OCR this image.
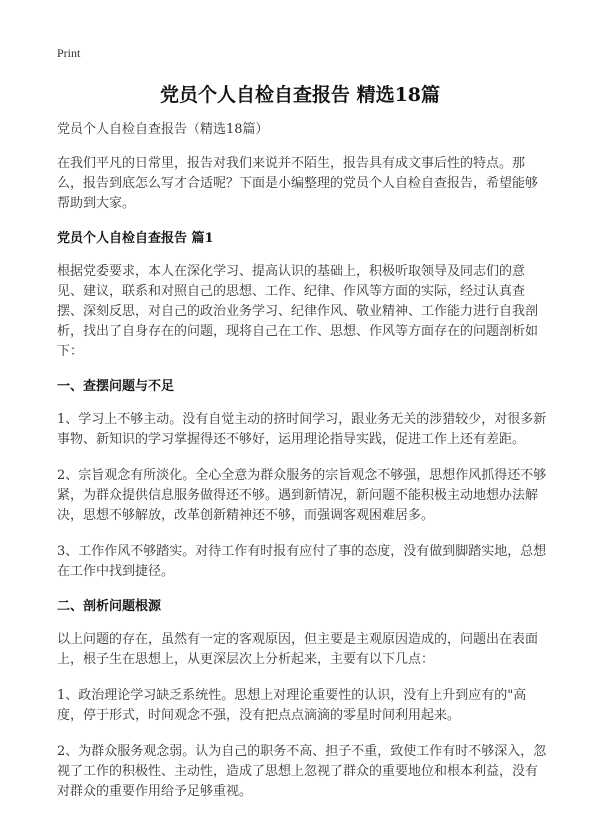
Print
党员个人自检自查报告 精选18篇

党员个人自检自查报告（精选18篇）

在我们平凡的日常里，报告对我们来说并不陌生，报告具有成文事后性的特点。那么，报告到底怎么写才合适呢？下面是小编整理的党员个人自检自查报告，希望能够帮助到大家。

党员个人自检自查报告 篇1

根据党委要求，本人在深化学习、提高认识的基础上，积极听取领导及同志们的意见、建议，联系和对照自己的思想、工作、纪律、作风等方面的实际，经过认真查摆、深刻反思，对自己的政治业务学习、纪律作风、敬业精神、工作能力进行自我剖析，找出了自身存在的问题，现将自己在工作、思想、作风等方面存在的问题剖析如下：

一、查摆问题与不足

1、学习上不够主动。没有自觉主动的挤时间学习，跟业务无关的涉猎较少，对很多新事物、新知识的学习掌握得还不够好，运用理论指导实践，促进工作上还有差距。

2、宗旨观念有所淡化。全心全意为群众服务的宗旨观念不够强，思想作风抓得还不够紧，为群众提供信息服务做得还不够。遇到新情况，新问题不能积极主动地想办法解决，思想不够解放，改革创新精神还不够，而强调客观困难居多。

3、工作作风不够踏实。对待工作有时报有应付了事的态度，没有做到脚踏实地，总想在工作中找到捷径。

二、剖析问题根源

以上问题的存在，虽然有一定的客观原因，但主要是主观原因造成的，问题出在表面上，根子生在思想上，从更深层次上分析起来，主要有以下几点：

1、政治理论学习缺乏系统性。思想上对理论重要性的认识，没有上升到应有的"高度，停于形式，时间观念不强，没有把点点滴滴的零星时间利用起来。

2、为群众服务观念弱。认为自己的职务不高、担子不重，致使工作有时不够深入，忽视了工作的积极性、主动性，造成了思想上忽视了群众的重要地位和根本利益，没有对群众的重要作用给予足够重视。
